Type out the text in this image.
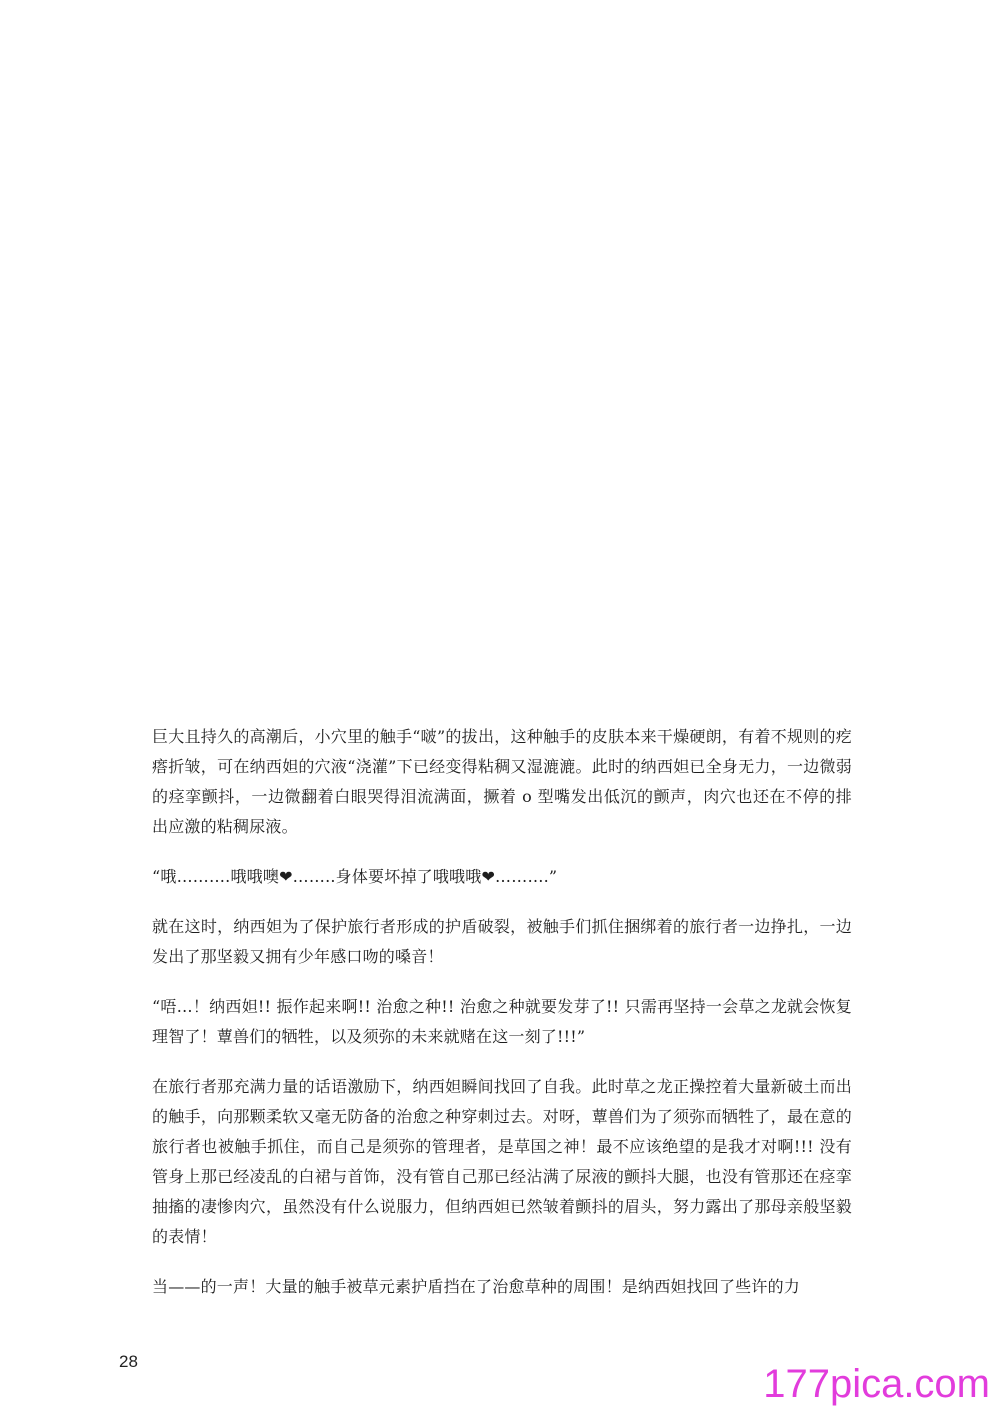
巨大且持久的高潮后，小穴里的触手“啵”的拔出，这种触手的皮肤本来干燥硬朗，有着不规则的疙瘩折皱，可在纳西妲的穴液“浇灌”下已经变得粘稠又湿漉漉。此时的纳西妲已全身无力，一边微弱的痉挛颤抖，一边微翻着白眼哭得泪流满面，撅着 o 型嘴发出低沉的颤声，肉穴也还在不停的排出应激的粘稠尿液。

“哦……….哦哦噢❤……..身体要坏掉了哦哦哦❤……….”

就在这时，纳西妲为了保护旅行者形成的护盾破裂，被触手们抓住捆绑着的旅行者一边挣扎，一边发出了那坚毅又拥有少年感口吻的嗓音！

“唔…！纳西妲!! 振作起来啊!! 治愈之种!! 治愈之种就要发芽了!! 只需再坚持一会草之龙就会恢复理智了！蕈兽们的牺牲，以及须弥的未来就赌在这一刻了!!!”

在旅行者那充满力量的话语激励下，纳西妲瞬间找回了自我。此时草之龙正操控着大量新破土而出的触手，向那颗柔软又毫无防备的治愈之种穿刺过去。对呀，蕈兽们为了须弥而牺牲了，最在意的旅行者也被触手抓住，而自己是须弥的管理者，是草国之神！最不应该绝望的是我才对啊!!! 没有管身上那已经凌乱的白裙与首饰，没有管自己那已经沾满了尿液的颤抖大腿，也没有管那还在痉挛抽搐的凄惨肉穴，虽然没有什么说服力，但纳西妲已然皱着颤抖的眉头，努力露出了那母亲般坚毅的表情！

当——的一声！大量的触手被草元素护盾挡在了治愈草种的周围！是纳西妲找回了些许的力

28
177pica.com
